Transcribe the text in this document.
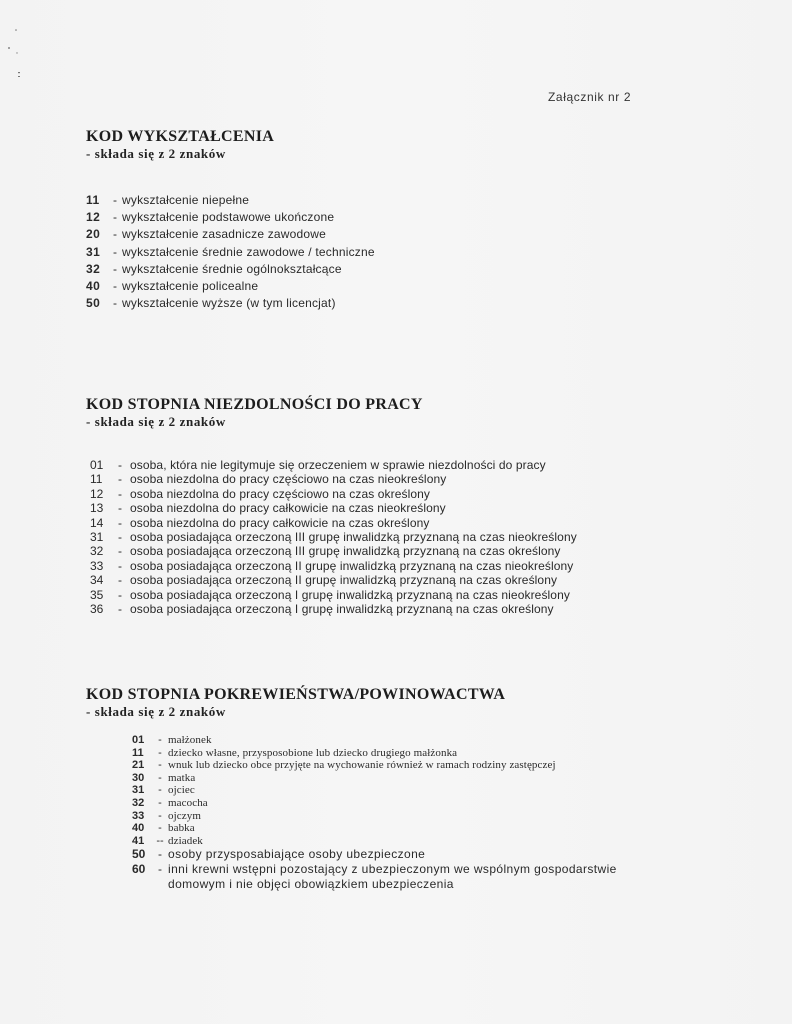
Załącznik nr 2
KOD WYKSZTAŁCENIA
- składa się z 2 znaków
11	- wykształcenie niepełne
12	- wykształcenie podstawowe ukończone
20	- wykształcenie zasadnicze zawodowe
31	- wykształcenie średnie zawodowe / techniczne
32	- wykształcenie średnie ogólnokształcące
40	- wykształcenie policealne
50	- wykształcenie wyższe (w tym licencjat)
KOD STOPNIA NIEZDOLNOŚCI DO PRACY
- składa się z 2 znaków
01	- osoba, która nie legitymuje się orzeczeniem w sprawie niezdolności do pracy
11	- osoba niezdolna do pracy częściowo na czas nieokreślony
12	- osoba niezdolna do pracy częściowo na czas określony
13	- osoba niezdolna do pracy całkowicie na czas nieokreślony
14	- osoba niezdolna do pracy całkowicie na czas określony
31	- osoba posiadająca orzeczoną III grupę inwalidzką przyznaną na czas nieokreślony
32	- osoba posiadająca orzeczoną III grupę inwalidzką przyznaną na czas określony
33	- osoba posiadająca orzeczoną II grupę inwalidzką przyznaną na czas nieokreślony
34	- osoba posiadająca orzeczoną II grupę inwalidzką przyznaną na czas określony
35	- osoba posiadająca orzeczoną I grupę inwalidzką przyznaną na czas nieokreślony
36	- osoba posiadająca orzeczoną I grupę inwalidzką przyznaną na czas określony
KOD STOPNIA POKREWIEŃSTWA/POWINOWACTWA
- składa się z 2 znaków
01	- małżonek
11	- dziecko własne, przysposobione lub dziecko drugiego małżonka
21	- wnuk lub dziecko obce przyjęte na wychowanie również w ramach rodziny zastępczej
30	- matka
31	- ojciec
32	- macocha
33	- ojczym
40	- babka
41	-- dziadek
50	- osoby przysposabiające osoby ubezpieczone
60	- inni krewni wstępni pozostający z ubezpieczonym we wspólnym gospodarstwie
domowym i nie objęci obowiązkiem ubezpieczenia
